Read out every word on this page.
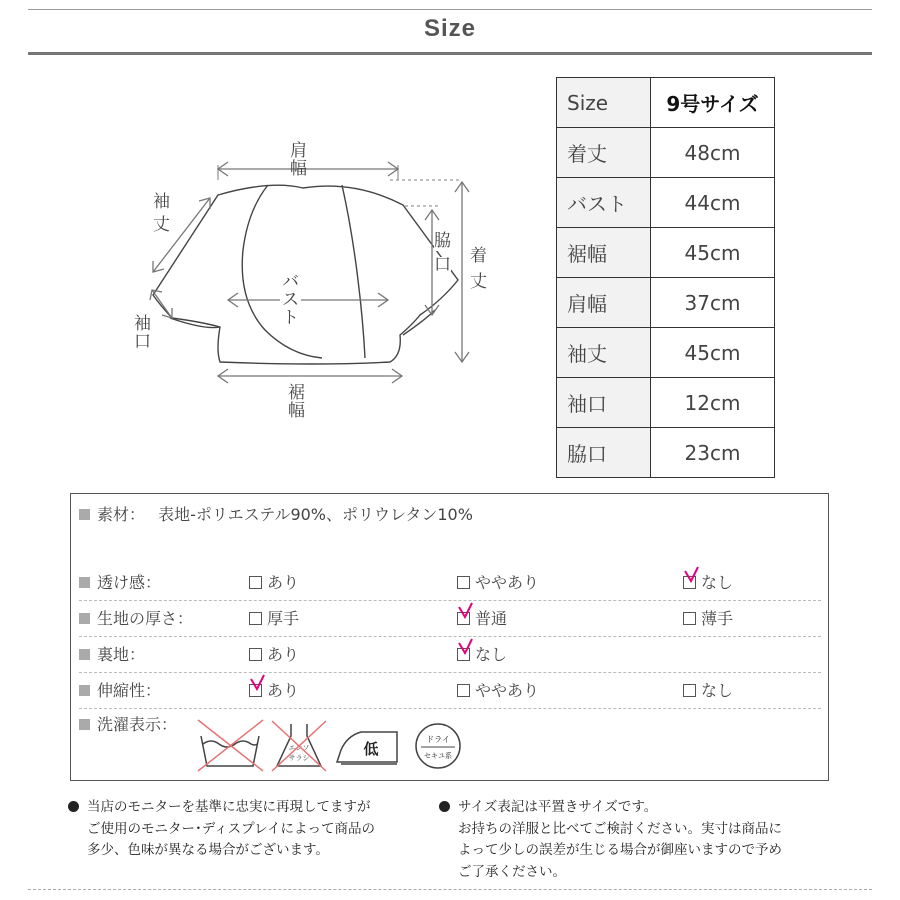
Size
肩幅
袖
丈
袖口
バスト
裾幅
脇
口 着
丈
Size	9号サイズ
着丈	48cm
バスト	44cm
裾幅	45cm
肩幅	37cm
袖丈	45cm
袖口	12cm
脇口	23cm
素材： 表地-ポリエステル90%、ポリウレタン10%
透け感：	あり	ややあり	なし
生地の厚さ：	厚手	普通	薄手
裏地：	あり	なし
伸縮性：	あり	ややあり	なし
洗濯表示：
エンソ
サラシ	低
ドライ
セキユ系
当店のモニターを基準に忠実に再現してますが
ご使用のモニター･ディスプレイによって商品の
多少、色味が異なる場合がございます。
サイズ表記は平置きサイズです。
お持ちの洋服と比べてご検討ください。実寸は商品に
よって少しの誤差が生じる場合が御座いますので予め
ご了承ください。
